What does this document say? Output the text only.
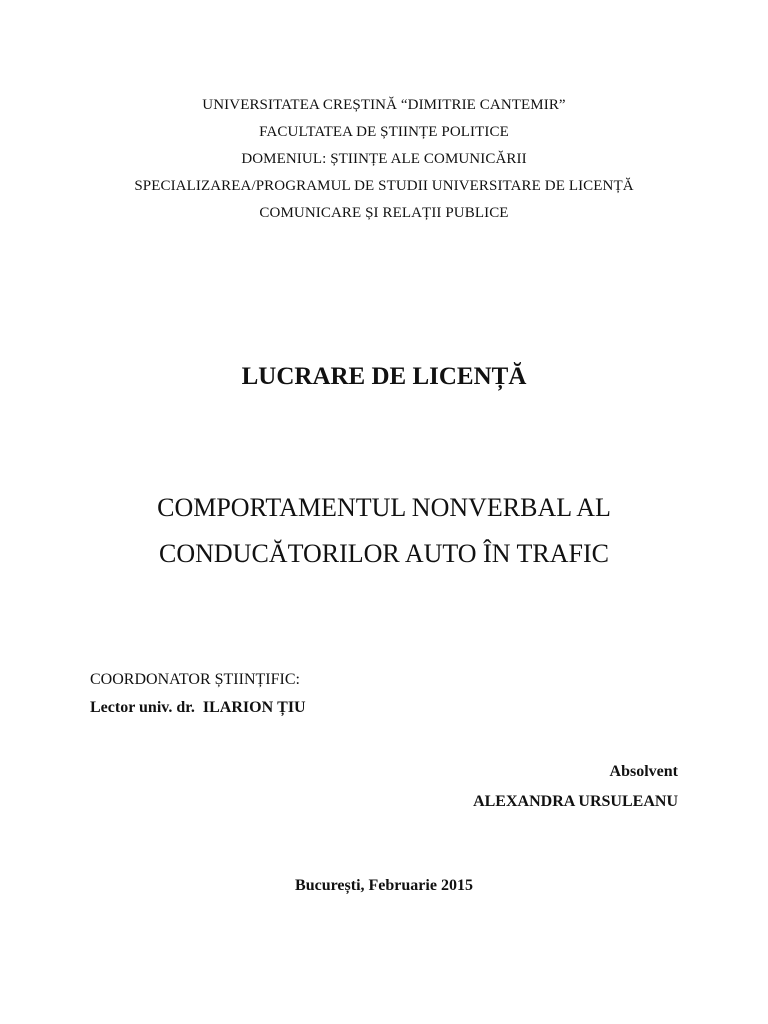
UNIVERSITATEA CREȘTINĂ “DIMITRIE CANTEMIR”
FACULTATEA DE ȘTIINȚE POLITICE
DOMENIUL: ȘTIINȚE ALE COMUNICĂRII
SPECIALIZAREA/PROGRAMUL DE STUDII UNIVERSITARE DE LICENȚĂ
COMUNICARE ȘI RELAȚII PUBLICE
LUCRARE DE LICENȚĂ
COMPORTAMENTUL NONVERBAL AL
CONDUCĂTORILOR AUTO ÎN TRAFIC
COORDONATOR ȘTIINȚIFIC:
Lector univ. dr.  ILARION ȚIU
Absolvent
ALEXANDRA URSULEANU
București, Februarie 2015
